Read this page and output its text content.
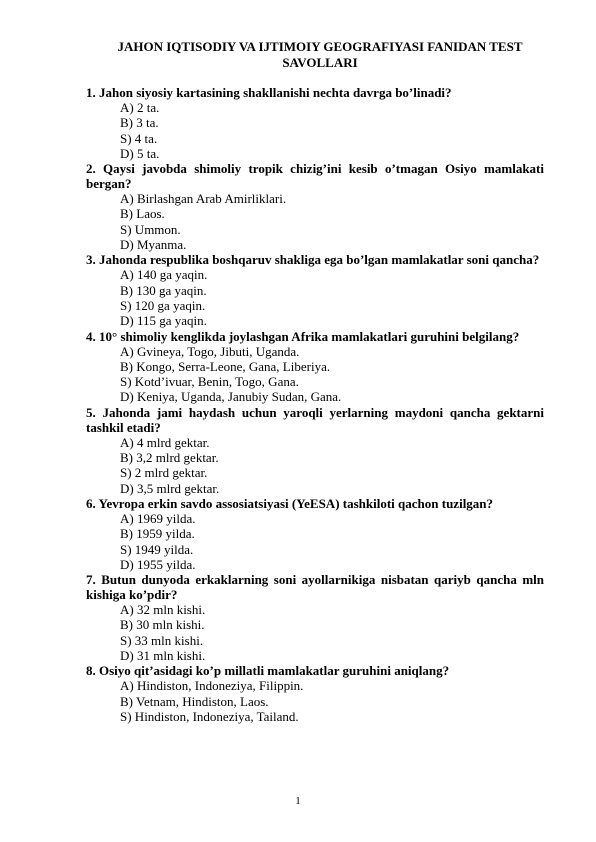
JAHON IQTISODIY VA IJTIMOIY GEOGRAFIYASI FANIDAN TEST
SAVOLLARI
1. Jahon siyosiy kartasining shakllanishi nechta davrga bo’linadi?
A) 2 ta.
B) 3 ta.
S) 4 ta.
D) 5 ta.
2. Qaysi javobda shimoliy tropik chizig’ini kesib o’tmagan Osiyo mamlakati bergan?
A) Birlashgan Arab Amirliklari.
B) Laos.
S) Ummon.
D) Myanma.
3. Jahonda respublika boshqaruv shakliga ega bo’lgan mamlakatlar soni qancha?
A) 140 ga yaqin.
B) 130 ga yaqin.
S) 120 ga yaqin.
D) 115 ga yaqin.
4. 10° shimoliy kenglikda joylashgan Afrika mamlakatlari guruhini belgilang?
A) Gvineya, Togo, Jibuti, Uganda.
B) Kongo, Serra-Leone, Gana, Liberiya.
S) Kotd’ivuar, Benin, Togo, Gana.
D) Keniya, Uganda, Janubiy Sudan, Gana.
5. Jahonda jami haydash uchun yaroqli yerlarning maydoni qancha gektarni tashkil etadi?
A) 4 mlrd gektar.
B) 3,2 mlrd gektar.
S) 2 mlrd gektar.
D) 3,5 mlrd gektar.
6. Yevropa erkin savdo assosiatsiyasi (YeESA) tashkiloti qachon tuzilgan?
A) 1969 yilda.
B) 1959 yilda.
S) 1949 yilda.
D) 1955 yilda.
7. Butun dunyoda erkaklarning soni ayollarnikiga nisbatan qariyb qancha mln kishiga ko’pdir?
A) 32 mln kishi.
B) 30 mln kishi.
S) 33 mln kishi.
D) 31 mln kishi.
8. Osiyo qit’asidagi ko’p millatli mamlakatlar guruhini aniqlang?
A) Hindiston, Indoneziya, Filippin.
B) Vetnam, Hindiston, Laos.
S) Hindiston, Indoneziya, Tailand.
1
